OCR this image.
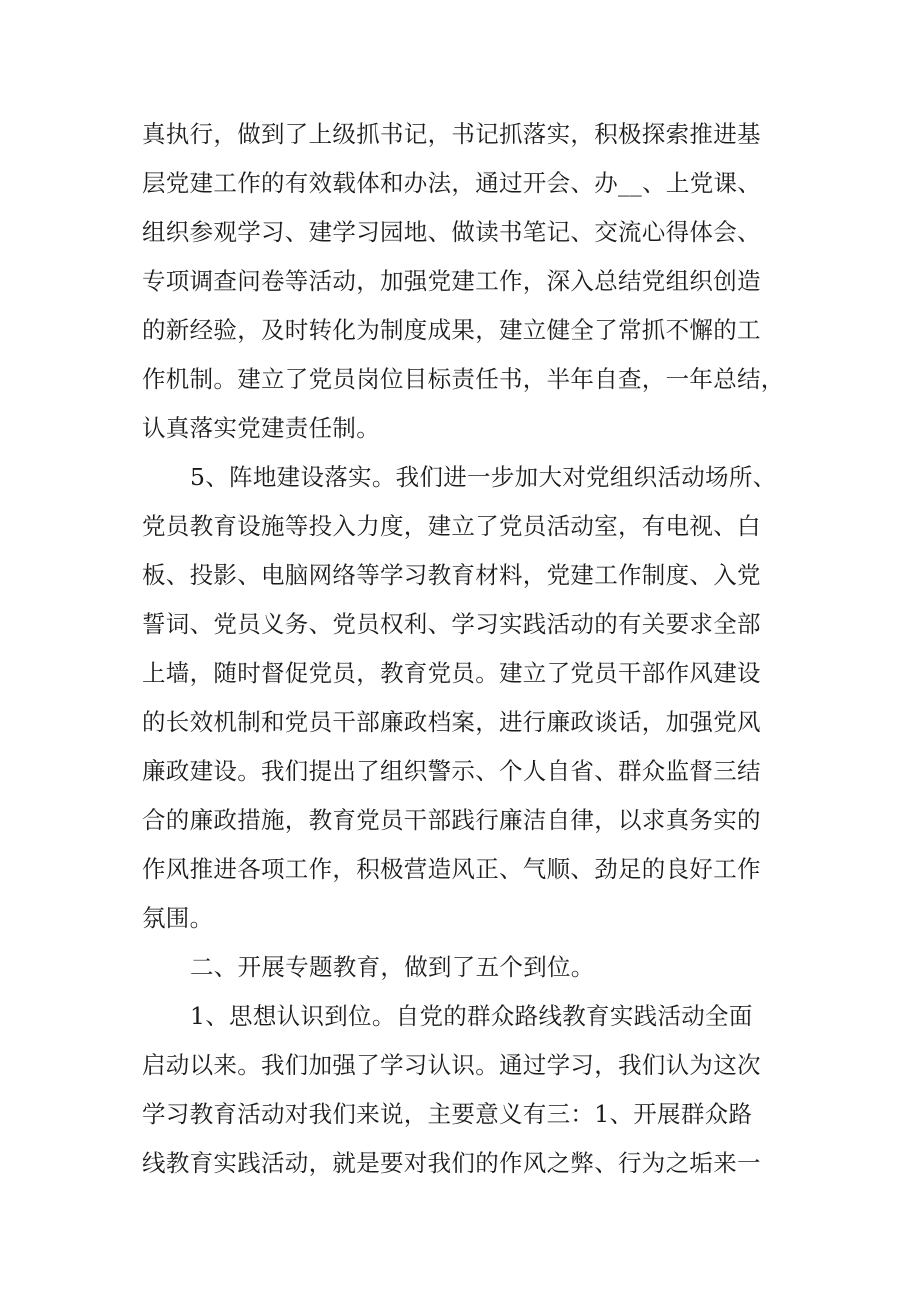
真执行，做到了上级抓书记，书记抓落实，积极探索推进基
层党建工作的有效载体和办法，通过开会、办__、上党课、
组织参观学习、建学习园地、做读书笔记、交流心得体会、
专项调查问卷等活动，加强党建工作，深入总结党组织创造
的新经验，及时转化为制度成果，建立健全了常抓不懈的工
作机制。建立了党员岗位目标责任书，半年自查，一年总结，
认真落实党建责任制。
5、阵地建设落实。我们进一步加大对党组织活动场所、
党员教育设施等投入力度，建立了党员活动室，有电视、白
板、投影、电脑网络等学习教育材料，党建工作制度、入党
誓词、党员义务、党员权利、学习实践活动的有关要求全部
上墙，随时督促党员，教育党员。建立了党员干部作风建设
的长效机制和党员干部廉政档案，进行廉政谈话，加强党风
廉政建设。我们提出了组织警示、个人自省、群众监督三结
合的廉政措施，教育党员干部践行廉洁自律，以求真务实的
作风推进各项工作，积极营造风正、气顺、劲足的良好工作
氛围。
二、开展专题教育，做到了五个到位。
1、思想认识到位。自党的群众路线教育实践活动全面
启动以来。我们加强了学习认识。通过学习，我们认为这次
学习教育活动对我们来说，主要意义有三：1、开展群众路
线教育实践活动，就是要对我们的作风之弊、行为之垢来一
